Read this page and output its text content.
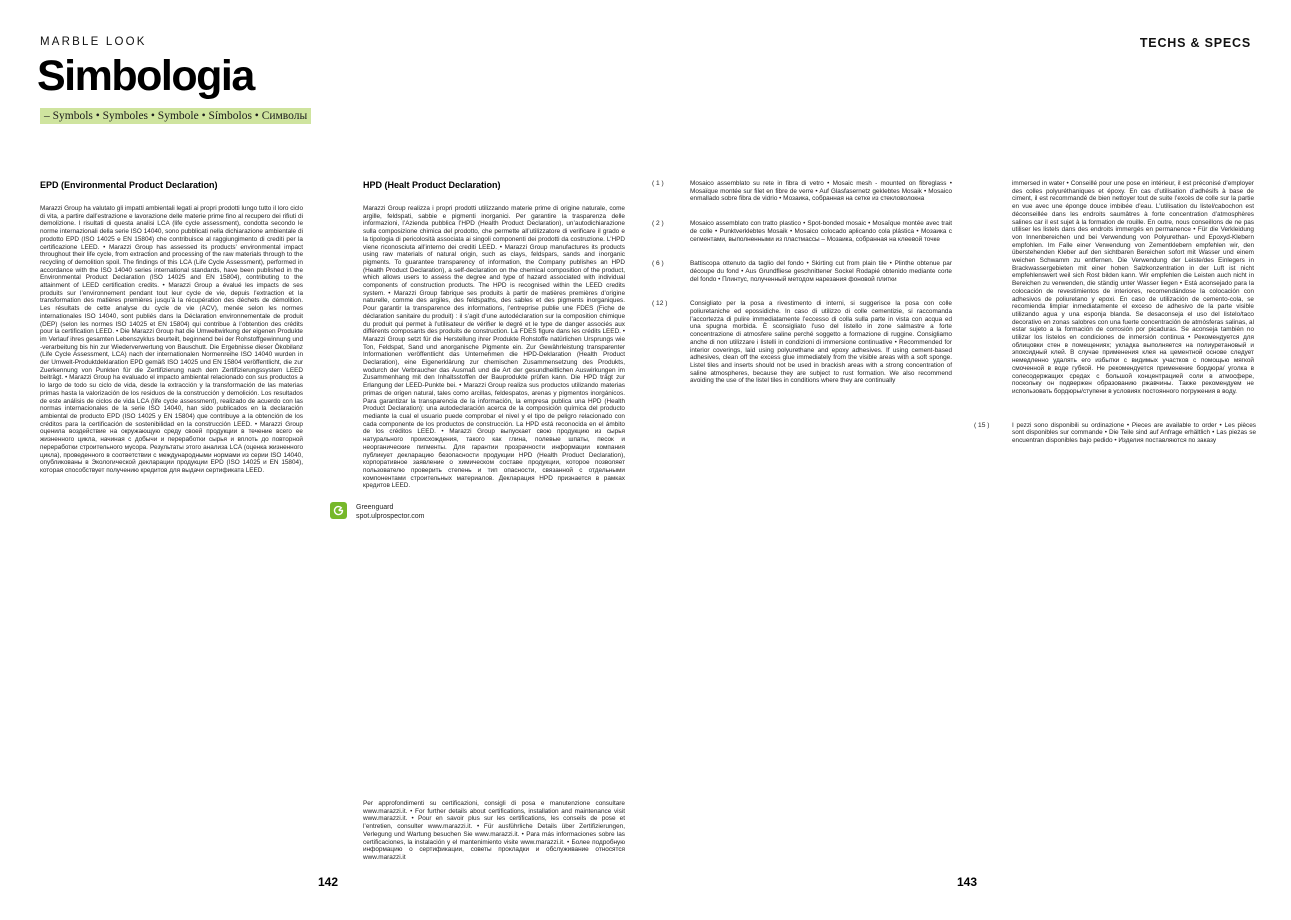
MARBLE LOOK	TECHS & SPECS
Simbologia
– Symbols • Symboles • Symbole • Símbolos • Символы
EPD (Environmental Product Declaration)

Marazzi Group ha valutato gli impatti ambientali legati ai propri prodotti lungo tutto il loro ciclo di vita, a partire dall’estrazione e lavorazione delle materie prime fino al recupero dei rifiuti di demolizione. I risultati di questa analisi LCA (life cycle assessment), condotta secondo le norme internazionali della serie ISO 14040, sono pubblicati nella dichiarazione ambientale di prodotto EPD (ISO 14025 e EN 15804) che contribuisce al raggiungimento di crediti per la certificazione LEED. • Marazzi Group has assessed its products’ environmental impact throughout their life cycle, from extraction and processing of the raw materials through to the recycling of demolition spoil. The findings of this LCA (Life Cycle Assessment), performed in accordance with the ISO 14040 series international standards, have been published in the Environmental Product Declaration (ISO 14025 and EN 15804), contributing to the attainment of LEED certification credits. • Marazzi Group a évalué les impacts de ses produits sur l’environnement pendant tout leur cycle de vie, depuis l’extraction et la transformation des matières premières jusqu’à la récupération des déchets de démolition. Les résultats de cette analyse du cycle de vie (ACV), menée selon les normes internationales ISO 14040, sont publiés dans la Déclaration environnementale de produit (DEP) (selon les normes ISO 14025 et EN 15804) qui contribue à l’obtention des crédits pour la certification LEED. • Die Marazzi Group hat die Umweltwirkung der eigenen Produkte im Verlauf ihres gesamten Lebenszyklus beurteilt, beginnend bei der Rohstoffgewinnung und -verarbeitung bis hin zur Wiederverwertung von Bauschutt. Die Ergebnisse dieser Ökobilanz (Life Cycle Assessment, LCA) nach der internationalen Normenreihe ISO 14040 wurden in der Umwelt-Produktdeklaration EPD gemäß ISO 14025 und EN 15804 veröffentlicht, die zur Zuerkennung von Punkten für die Zertifizierung nach dem Zertifizierungssystem LEED beiträgt. • Marazzi Group ha evaluado el impacto ambiental relacionado con sus productos a lo largo de todo su ciclo de vida, desde la extracción y la transformación de las materias primas hasta la valorización de los residuos de la construcción y demolición. Los resultados de este análisis de ciclos de vida LCA (life cycle assessment), realizado de acuerdo con las normas internacionales de la serie ISO 14040, han sido publicados en la declaración ambiental de producto EPD (ISO 14025 y EN 15804) que contribuye a la obtención de los créditos para la certificación de sostenibilidad en la construcción LEED. • Marazzi Group оценила воздействие на окружающую среду своей продукции в течение всего ее жизненного цикла, начиная с добычи и переработки сырья и вплоть до повторной переработки строительного мусора. Результаты этого анализа LCA (оценка жизненного цикла), проведенного в соответствии с международными нормами из серии ISO 14040, опубликованы в Экологической декларации продукции EPD (ISO 14025 и EN 15804), которая способствует получению кредитов для выдачи сертификата LEED.

HPD (Healt Product Declaration)

Marazzi Group realizza i propri prodotti utilizzando materie prime di origine naturale, come argille, feldspati, sabbie e pigmenti inorganici. Per garantire la trasparenza delle informazioni, l’Azienda pubblica l’HPD (Health Product Declaration), un’autodichiarazione sulla composizione chimica del prodotto, che permette all’utilizzatore di verificare il grado e la tipologia di pericolosità associata ai singoli componenti dei prodotti da costruzione. L’HPD viene riconosciuta all’interno dei crediti LEED. • Marazzi Group manufactures its products using raw materials of natural origin, such as clays, feldspars, sands and inorganic pigments. To guarantee transparency of information, the Company publishes an HPD (Health Product Declaration), a self-declaration on the chemical composition of the product, which allows users to assess the degree and type of hazard associated with individual components of construction products. The HPD is recognised within the LEED credits system. • Marazzi Group fabrique ses produits à partir de matières premières d’origine naturelle, comme des argiles, des feldspaths, des sables et des pigments inorganiques. Pour garantir la transparence des informations, l’entreprise publie une FDES (Fiche de déclaration sanitaire du produit) : il s’agit d’une autodéclaration sur la composition chimique du produit qui permet à l’utilisateur de vérifier le degré et le type de danger associés aux différents composants des produits de construction. La FDES figure dans les crédits LEED. • Marazzi Group setzt für die Herstellung ihrer Produkte Rohstoffe natürlichen Ursprungs wie Ton, Feldspat, Sand und anorganische Pigmente ein. Zur Gewährleistung transparenter Informationen veröffentlicht das Unternehmen die HPD-Deklaration (Health Product Declaration), eine Eigenerklärung zur chemischen Zusammensetzung des Produkts, wodurch der Verbraucher das Ausmaß und die Art der gesundheitlichen Auswirkungen im Zusammenhang mit den Inhaltsstoffen der Bauprodukte prüfen kann. Die HPD trägt zur Erlangung der LEED-Punkte bei. • Marazzi Group realiza sus productos utilizando materias primas de origen natural, tales como arcillas, feldespatos, arenas y pigmentos inorgánicos. Para garantizar la transparencia de la información, la empresa publica una HPD (Health Product Declaration): una autodeclaración acerca de la composición química del producto mediante la cual el usuario puede comprobar el nivel y el tipo de peligro relacionado con cada componente de los productos de construcción. La HPD está reconocida en el ámbito de los créditos LEED. • Marazzi Group выпускает свою продукцию из сырья натурального происхождения, такого как глина, полевые шпаты, песок и неорганические пигменты. Для гарантии прозрачности информации компания публикует декларацию безопасности продукции HPD (Health Product Declaration), корпоративное заявление о химическом составе продукции, которое позволяет пользователю проверить степень и тип опасности, связанной с отдельными компонентами строительных материалов. Декларация HPD признается в рамках кредитов LEED.

Greenguard
spot.ulprospector.com

Per approfondimenti su certificazioni, consigli di posa e manutenzione consultare www.marazzi.it. • For further details about certifications, installation and maintenance visit www.marazzi.it. • Pour en savoir plus sur les certifications, les conseils de pose et l’entretien, consulter www.marazzi.it. • Für ausführliche Details über Zertifizierungen, Verlegung und Wartung besuchen Sie www.marazzi.it. • Para más informaciones sobre las certificaciones, la instalación y el mantenimiento visite www.marazzi.it. • Более подробную информацию о сертификации, советы прокладки и обслуживание относятся www.marazzi.it

( 1 )	Mosaico assemblato su rete in fibra di vetro • Mosaic mesh - mounted on fibreglass • Mosaïque montée sur filet en fibre de verre • Auf Glasfasernetz geklebtes Mosaik • Mosaico enmallado sobre fibra de vidrio • Мозаика, собранная на сетке из стекловолокна

( 2 )	Mosaico assemblato con tratto plastico • Spot-bonded mosaic • Mosaïque montée avec trait de colle • Punktverklebtes Mosaik • Mosaico colocado aplicando cola plástica • Мозаика с сегментами, выполненными из пластмассы – Мозаика, собранная на клеевой точке

( 6 )	Battiscopa ottenuto da taglio del fondo • Skirting cut from plain tile • Plinthe obtenue par découpe du fond • Aus Grundfliese geschnittener Sockel Rodapié obtenido mediante corte del fondo • Плинтус, полученный методом нарезания фоновой плитки

( 12 )	Consigliato per la posa a rivestimento di interni, si suggerisce la posa con colle poliuretaniche ed epossidiche. In caso di utilizzo di colle cementizie, si raccomanda l’accortezza di pulire immediatamente l’eccesso di colla sulla parte in vista con acqua ed una spugna morbida. È sconsigliato l’uso del listello in zone salmastre a forte concentrazione di atmosfere saline perché soggetto a formazione di ruggine. Consigliamo anche di non utilizzare i listelli in condizioni di immersione continuative • Recommended for interior coverings, laid using polyurethane and epoxy adhesives. If using cement-based adhesives, clean off the excess glue immediately from the visible areas with a soft sponge. Listel tiles and inserts should not be used in brackish areas with a strong concentration of saline atmospheres, because they are subject to rust formation. We also recommend avoiding the use of the listel tiles in conditions where they are continually

immersed in water • Conseillé pour une pose en intérieur, il est préconisé d’employer des colles polyuréthaniques et époxy. En cas d’utilisation d’adhésifs à base de ciment, il est recommandé de bien nettoyer tout de suite l’excès de colle sur la partie en vue avec une éponge douce imbibée d’eau. L’utilisation du listel/cabochon est déconseillée dans les endroits saumâtres à forte concentration d’atmosphères salines car il est sujet à la formation de rouille. En outre, nous conseillons de ne pas utiliser les listels dans des endroits immergés en permanence • Für die Verkleidung von Innenbereichen und bei Verwendung von Polyurethan- und Epoxyd-Klebern empfohlen. Im Falle einer Verwendung von Zementklebern empfehlen wir, den überstehenden Kleber auf den sichtbaren Bereichen sofort mit Wasser und einem weichen Schwamm zu entfernen. Die Verwendung der Leiste/des Einlegers in Brackwassergebieten mit einer hohen Salzkonzentration in der Luft ist nicht empfehlenswert weil sich Rost bilden kann. Wir empfehlen die Leisten auch nicht in Bereichen zu verwenden, die ständig unter Wasser liegen • Está aconsejado para la colocación de revestimientos de interiores, recomendándose la colocación con adhesivos de poliuretano y epoxi. En caso de utilización de cemento-cola, se recomienda limpiar inmediatamente el exceso de adhesivo de la parte visible utilizando agua y una esponja blanda. Se desaconseja el uso del listelo/taco decorativo en zonas salobres con una fuerte concentración de atmósferas salinas, al estar sujeto a la formación de corrosión por picaduras. Se aconseja también no utilizar los listelos en condiciones de inmersión continua • Рекомендуется для облицовки стен в помещениях; укладка выполняется на полиуретановый и эпоксидный клей. В случае применения клея на цементной основе следует немедленно удалять его избытки с видимых участков с помощью мягкой смоченной в воде губкой. Не рекомендуется применение бордюра/ уголка в солесодержащих средах с большой концентрацией соли в атмосфере, поскольку он подвержен образованию ржавчины. Также рекомендуем не использовать бордюры/ступени в условиях постоянного погружения в воду.

( 15 )	I pezzi sono disponibili su ordinazione • Pieces are available to order • Les pièces sont disponibles sur commande • Die Teile sind auf Anfrage erhältlich • Las piezas se encuentran disponibles bajo pedido • Изделия поставляются по заказу

142	143
